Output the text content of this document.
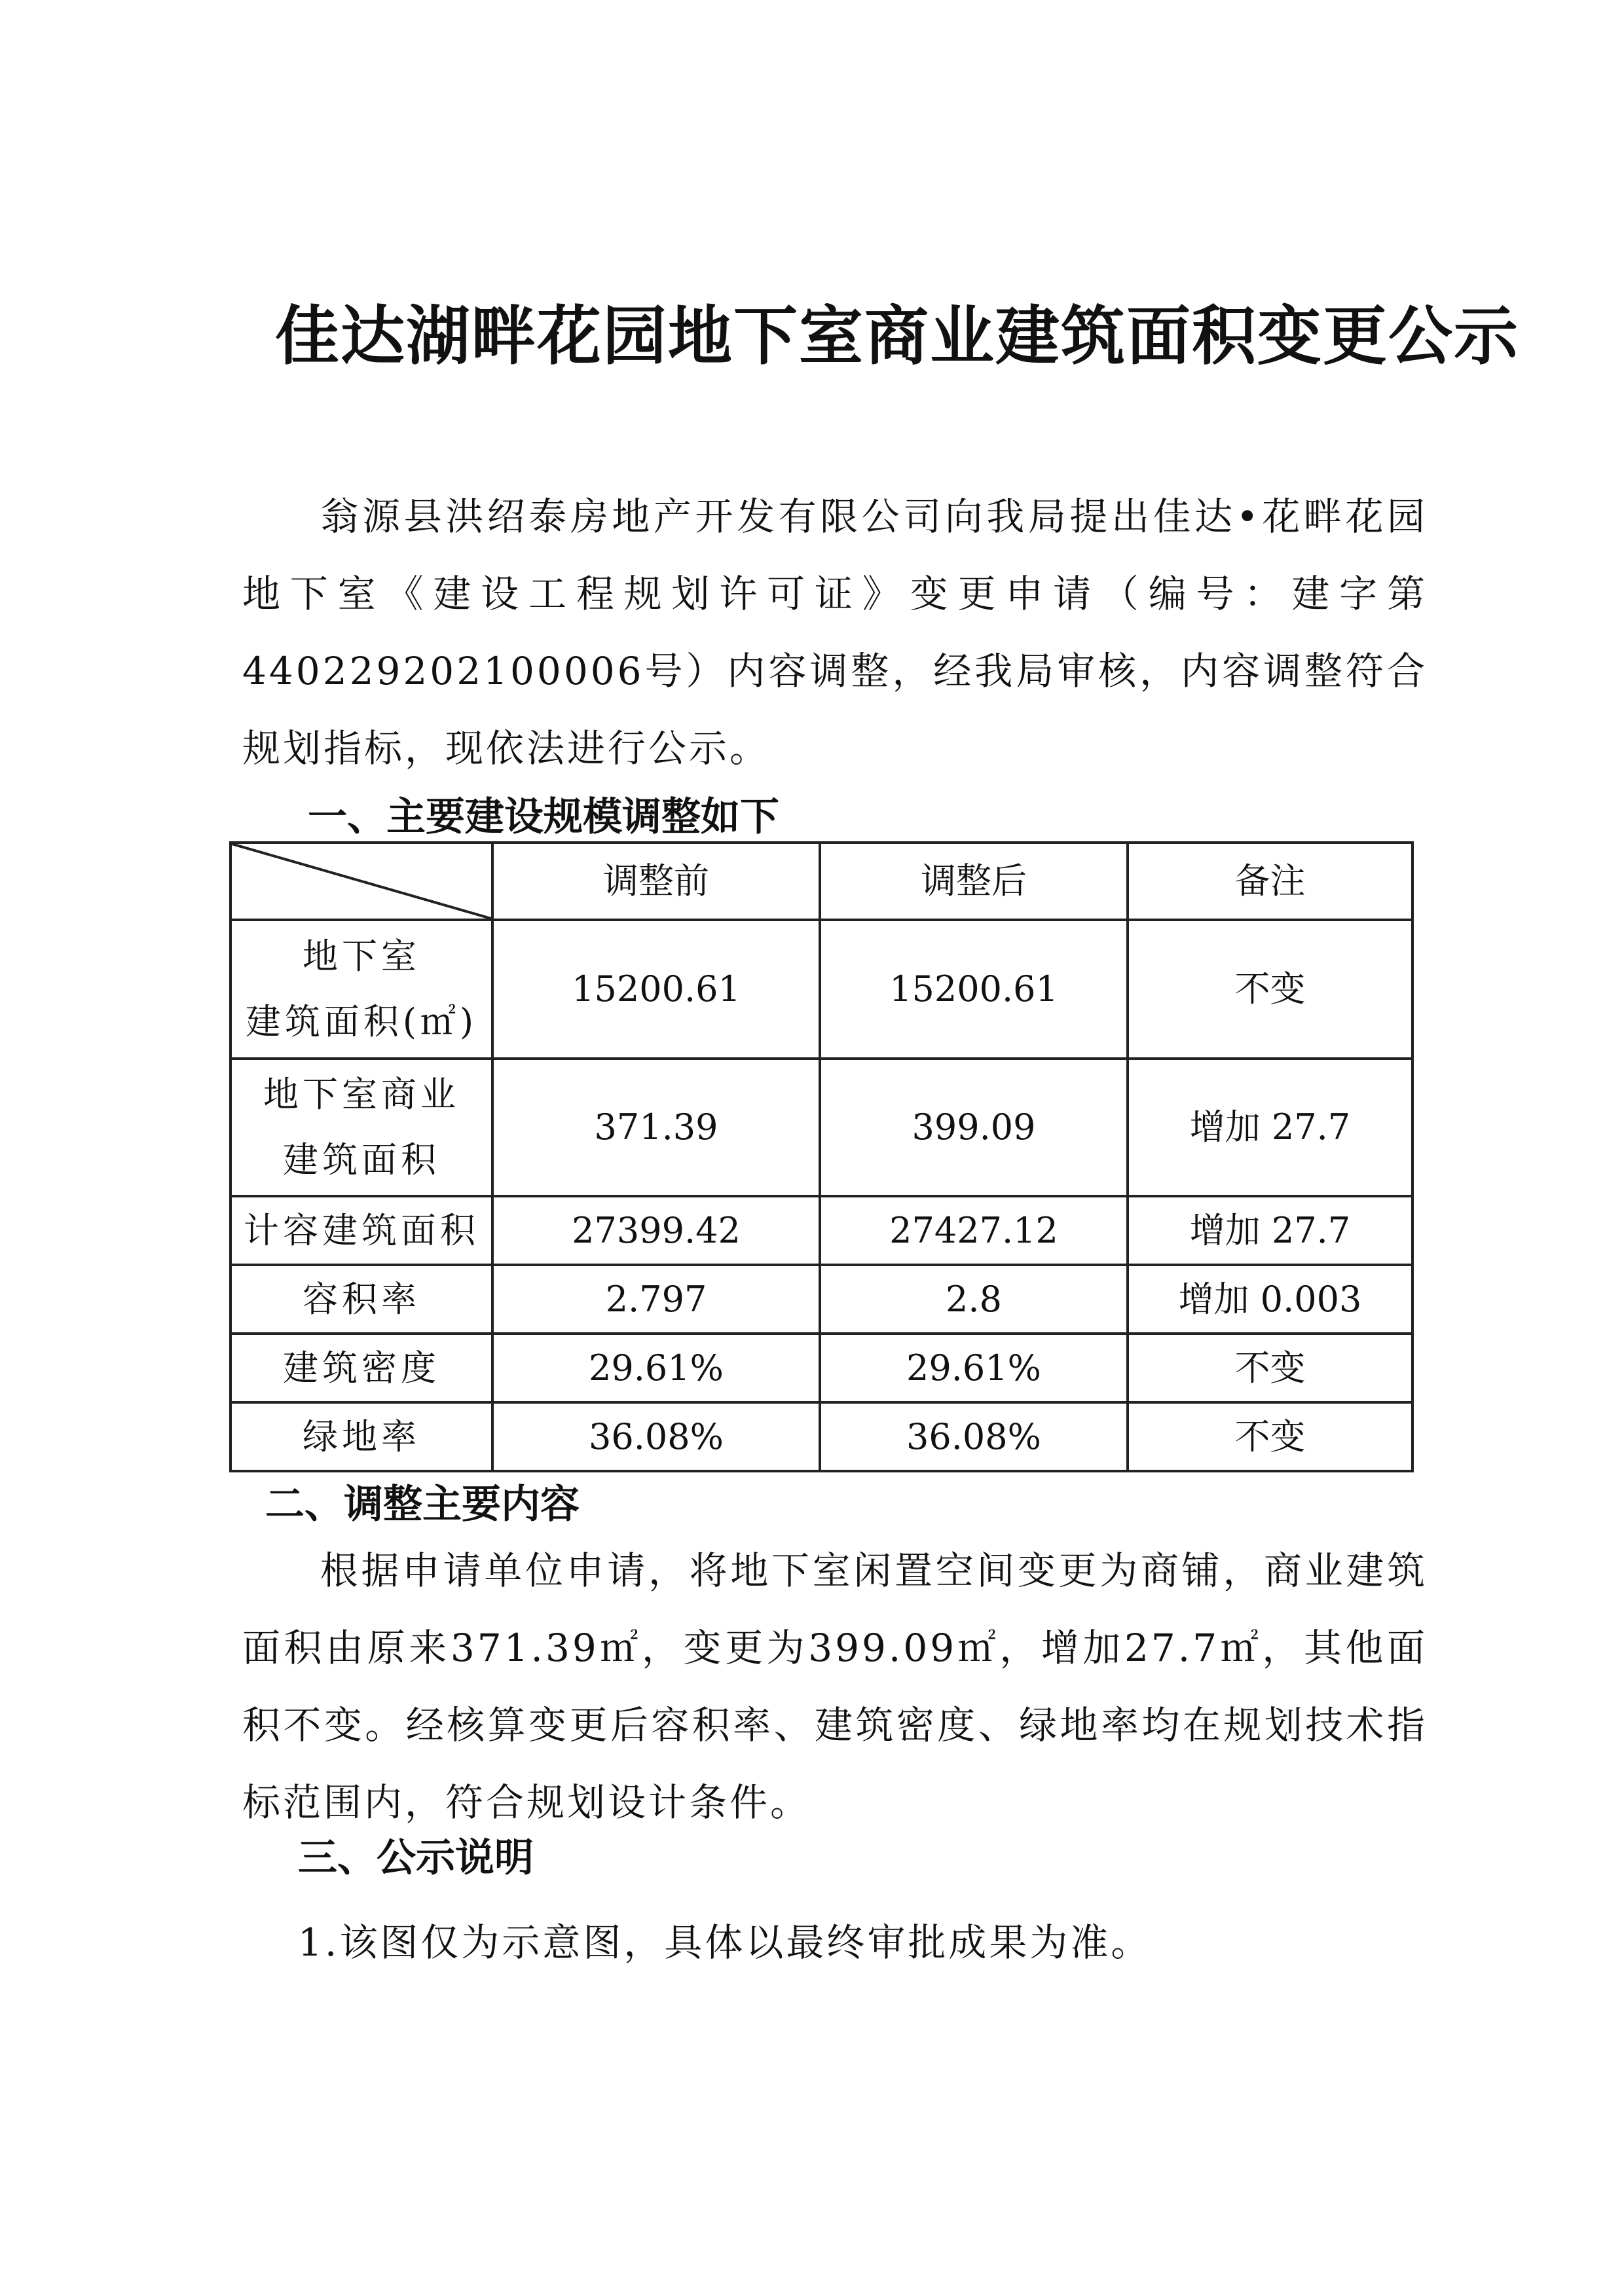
佳达湖畔花园地下室商业建筑面积变更公示

翁源县洪绍泰房地产开发有限公司向我局提出佳达•花畔花园地下室《建设工程规划许可证》变更申请（编号：建字第440229202100006号）内容调整，经我局审核，内容调整符合规划指标，现依法进行公示。

一、主要建设规模调整如下
	调整前	调整后	备注

地下室
建筑面积(㎡)	15200.61	15200.61	不变

地下室商业
建筑面积	371.39	399.09	增加 27.7
计容建筑面积	27399.42	27427.12	增加 27.7
容积率	2.797	2.8	增加 0.003
建筑密度	29.61%	29.61%	不变
绿地率	36.08%	36.08%	不变
二、调整主要内容

根据申请单位申请，将地下室闲置空间变更为商铺，商业建筑面积由原来371.39㎡，变更为399.09㎡，增加27.7㎡，其他面积不变。经核算变更后容积率、建筑密度、绿地率均在规划技术指标范围内，符合规划设计条件。

三、公示说明
1.该图仅为示意图，具体以最终审批成果为准。
